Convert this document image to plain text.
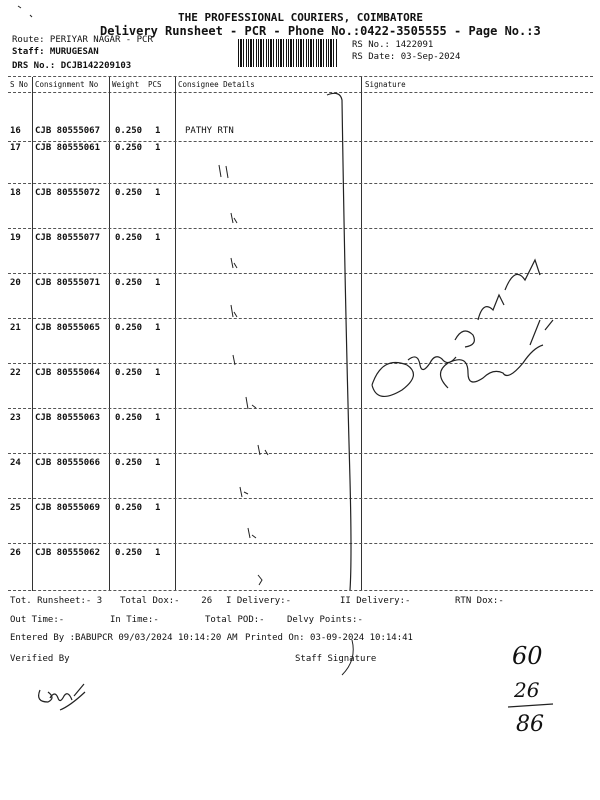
THE PROFESSIONAL COURIERS, COIMBATORE
Delivery Runsheet - PCR - Phone No.:0422-3505555 - Page No.:3
Route: PERIYAR NAGAR - PCR
Staff: MURUGESAN
DRS No.: DCJB142209103
RS No.: 1422091
RS Date: 03-Sep-2024
S No Consignment No Weight PCS Consignee Details	Signature
16 CJB 80555067 0.250 1	PATHY RTN
17 CJB 80555061 0.250 1
18 CJB 80555072 0.250 1
19 CJB 80555077 0.250 1
20 CJB 80555071 0.250 1
21 CJB 80555065 0.250 1
22 CJB 80555064 0.250 1
23 CJB 80555063 0.250 1
24 CJB 80555066 0.250 1
25 CJB 80555069 0.250 1
26 CJB 80555062 0.250 1
Tot. Runsheet:- 3 Total Dox:-    26 I Delivery:-	II Delivery:-	RTN Dox:-
Out Time:-	In Time:-	Total POD:- Delvy Points:-
Entered By :BABUPCR 09/03/2024 10:14:20 AM Printed On: 03-09-2024 10:14:41
Verified By	Staff Signature	60
26
86
